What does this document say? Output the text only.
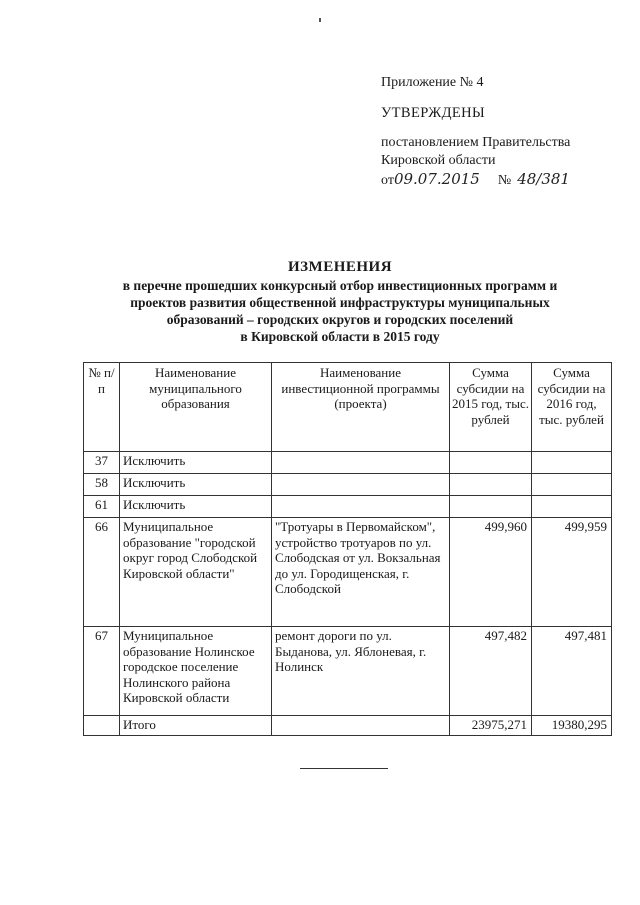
Приложение № 4
УТВЕРЖДЕНЫ
постановлением Правительства
Кировской области
от09.07.2015 № 48/381
ИЗМЕНЕНИЯ
в перечне прошедших конкурсный отбор инвестиционных программ и
проектов развития общественной инфраструктуры муниципальных
образований – городских округов и городских поселений
в Кировской области в 2015 году
№ п/п	Наименование муниципального образования	Наименование инвестиционной программы (проекта)	Сумма субсидии на 2015 год, тыс. рублей	Сумма субсидии на 2016 год, тыс. рублей
37	Исключить			
58	Исключить			
61	Исключить			
66	Муниципальное образование "городской округ город Слободской Кировской области"	"Тротуары в Первомайском", устройство тротуаров по ул. Слободская от ул. Вокзальная до ул. Городищенская, г. Слободской	499,960	499,959
67	Муниципальное образование Нолинское городское поселение Нолинского района Кировской области	ремонт дороги по ул. Быданова, ул. Яблоневая, г. Нолинск	497,482	497,481
	Итого		23975,271	19380,295
